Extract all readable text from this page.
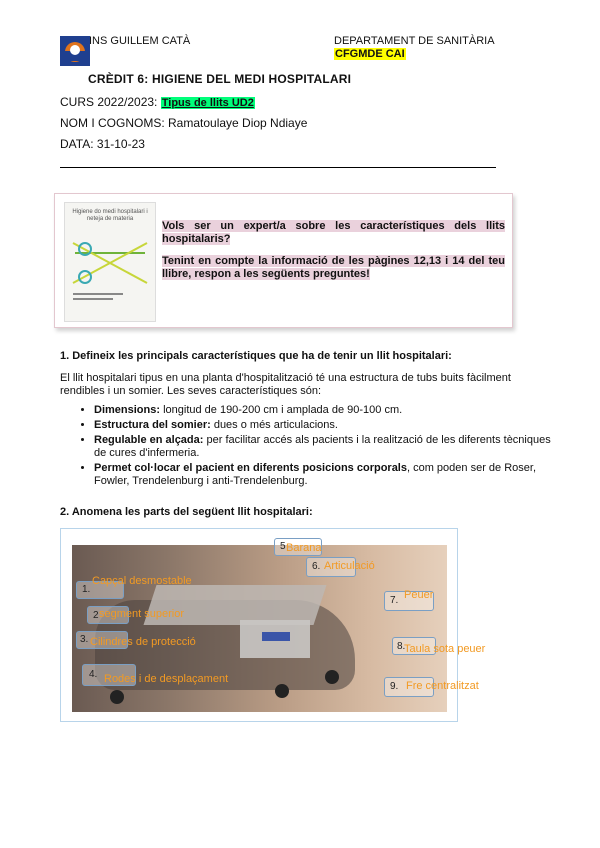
INS GUILLEM CATÀ	DEPARTAMENT DE SANITÀRIA
CFGMDE CAI
CRÈDIT 6: HIGIENE DEL MEDI HOSPITALARI
CURS 2022/2023: Tipus de llits UD2
NOM I COGNOMS: Ramatoulaye Diop Ndiaye
DATA: 31-10-23
Higiene do medi hospitalari i neteja de materia
Vols ser un expert/a sobre les característiques dels llits hospitalaris?
Tenint en compte la informació de les pàgines 12,13 i 14 del teu llibre, respon a les següents preguntes!
1. Defineix les principals característiques que ha de tenir un llit hospitalari:
El llit hospitalari tipus en una planta d'hospitalització té una estructura de tubs buits fàcilment rendibles i un somier. Les seves característiques són:
• Dimensions: longitud de 190-200 cm i amplada de 90-100 cm.
• Estructura del somier: dues o més articulacions.
• Regulable en alçada: per facilitar accés als pacients i la realització de les diferents tècniques de cures d'infermeria.
• Permet col·locar el pacient en diferents posicions corporals, com poden ser de Roser, Fowler, Trendelenburg i anti-Trendelenburg.
2. Anomena les parts del següent llit hospitalari:
1.
Capçal desmostable
2 segment superior
3. Cilindres de protecció
4. Rodes i de desplaçament
5 Barana
6. Articulació
7. Peuer
8.
Taula sota peuer
9. Fre centralitzat
